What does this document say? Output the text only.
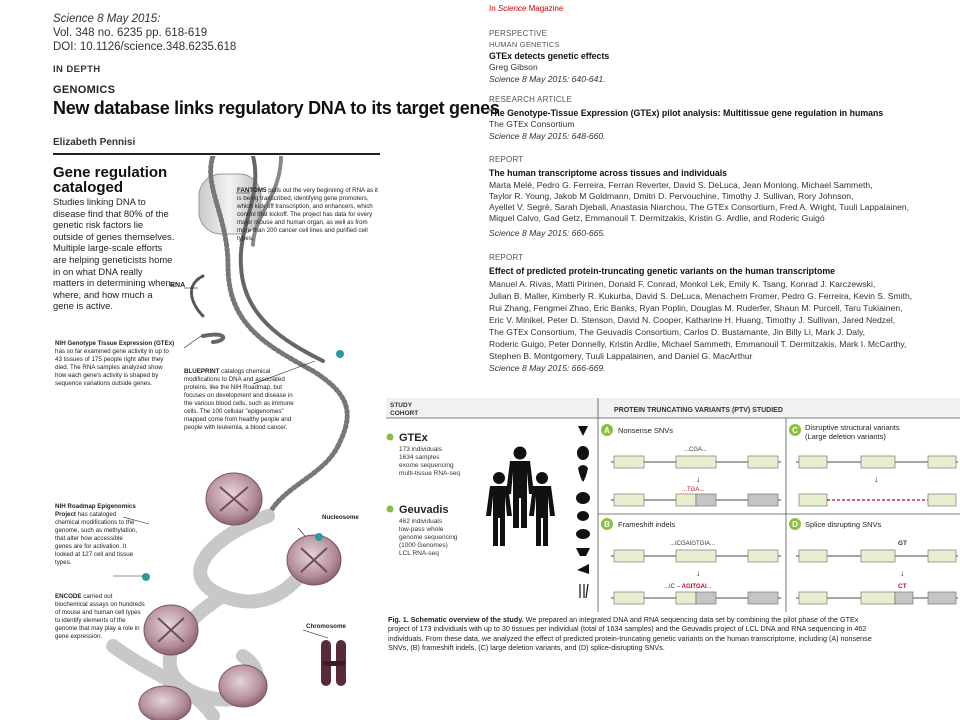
Science 8 May 2015:
Vol. 348 no. 6235 pp. 618-619
DOI: 10.1126/science.348.6235.618
IN DEPTH
GENOMICS
New database links regulatory DNA to its target genes
Elizabeth Pennisi
Gene regulation cataloged
Studies linking DNA to disease find that 80% of the genetic risk factors lie outside of genes themselves. Multiple large-scale efforts are helping geneticists home in on what DNA really matters in determining when, where, and how much a gene is active.
FANTOM5 pulls out the very beginning of RNA as it is being transcribed, identifying gene promoters, which kick off transcription, and enhancers, which control that kickoff. The project has data for every major mouse and human organ, as well as from more than 200 cancer cell lines and purified cell types.
RNA
NIH Genotype Tissue Expression (GTEx) has so far examined gene activity in up to 43 tissues of 175 people right after they died. The RNA samples analyzed show how each gene's activity is shaped by sequence variations outside genes.
BLUEPRINT catalogs chemical modifications to DNA and associated proteins, like the NIH Roadmap, but focuses on development and disease in the various blood cells, such as immune cells. The 100 cellular "epigenomes" mapped come from healthy people and people with leukemia, a blood cancer.
NIH Roadmap Epigenomics Project has cataloged chemical modifications to the genome, such as methylation, that alter how accessible genes are for activation. It looked at 127 cell and tissue types.
Nucleosome
ENCODE carried out biochemical assays on hundreds of mouse and human cell types to identify elements of the genome that may play a role in gene expression.
Chromosome
In Science Magazine
PERSPECTIVE
HUMAN GENETICS
GTEx detects genetic effects
Greg Gibson
Science 8 May 2015: 640-641.
RESEARCH ARTICLE
The Genotype-Tissue Expression (GTEx) pilot analysis: Multitissue gene regulation in humans
The GTEx Consortium
Science 8 May 2015: 648-660.
REPORT
The human transcriptome across tissues and individuals
Marta Melé, Pedro G. Ferreira, Ferran Reverter, David S. DeLuca, Jean Monlong, Michael Sammeth,
Taylor R. Young, Jakob M Goldmann, Dmitri D. Pervouchine, Timothy J. Sullivan, Rory Johnson,
Ayellet V. Segrè, Sarah Djebali, Anastasia Niarchou, The GTEx Consortium, Fred A. Wright, Tuuli Lappalainen,
Miquel Calvo, Gad Getz, Emmanouil T. Dermitzakis, Kristin G. Ardlie, and Roderic Guigó
Science 8 May 2015: 660-665.
REPORT
Effect of predicted protein-truncating genetic variants on the human transcriptome
Manuel A. Rivas, Matti Pirinen, Donald F. Conrad, Monkol Lek, Emily K. Tsang, Konrad J. Karczewski,
Julian B. Maller, Kimberly R. Kukurba, David S. DeLuca, Menachem Fromer, Pedro G. Ferreira, Kevin S. Smith,
Rui Zhang, Fengmei Zhao, Eric Banks, Ryan Poplin, Douglas M. Ruderfer, Shaun M. Purcell, Taru Tukiainen,
Eric V. Minikel, Peter D. Stenson, David N. Cooper, Katharine H. Huang, Timothy J. Sullivan, Jared Nedzel,
The GTEx Consortium, The Geuvadis Consortium, Carlos D. Bustamante, Jin Billy Li, Mark J. Daly,
Roderic Guigo, Peter Donnelly, Kristin Ardlie, Michael Sammeth, Emmanouil T. Dermitzakis, Mark I. McCarthy,
Stephen B. Montgomery, Tuuli Lappalainen, and Daniel G. MacArthur
Science 8 May 2015: 666-669.
STUDY
COHORT	PROTEIN TRUNCATING VARIANTS (PTV) STUDIED
GTEx
173 individuals
1634 samples
exome sequencing
multi-tissue RNA-seq
Geuvadis
462 individuals
low-pass whole
genome sequencing
(1000 Genomes)
LCL RNA-seq
A Nonsense SNVs
...CGA...
↓
...TGA...
C Disruptive structural variants
(Large deletion variants)
↓
B Frameshift indels
...ICGAIGTGIA...
↓
...IC – AGITGAI...
D Splice disrupting SNVs
GT
↓
CT
Fig. 1. Schematic overview of the study. We prepared an integrated DNA and RNA sequencing data set by combining the pilot phase of the GTEx
project of 173 individuals with up to 30 tissues per individual (total of 1634 samples) and the Geuvadis project of LCL DNA and RNA sequencing in 462
individuals. From these data, we analyzed the effect of predicted protein-truncating genetic variants on the human transcriptome, including (A) nonsense
SNVs, (B) frameshift indels, (C) large deletion variants, and (D) splice-disrupting SNVs.
